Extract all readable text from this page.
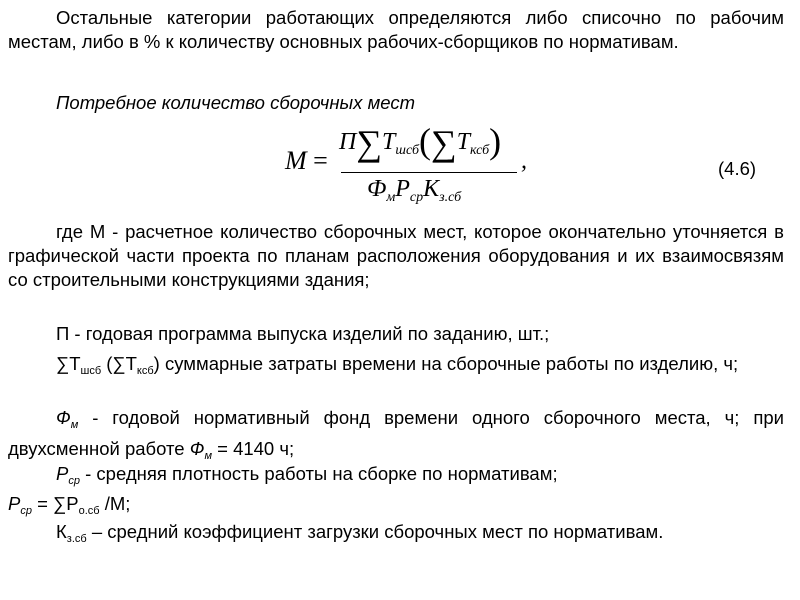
Остальные категории работающих определяются либо списочно по рабочим местам, либо в % к количеству основных рабочих-сборщиков по нормативам.
Потребное количество сборочных мест
M =
$П\sum T_{шсб}(\sum T_{ксб})$
$Ф_мP_{ср}K_{з.сб}$
,	(4.6)
где М - расчетное количество сборочных мест, которое окончательно уточняется в графической части проекта по планам расположения оборудования и их взаимосвязям со строительными конструкциями здания;
П - годовая программа выпуска изделий по заданию, шт.;
$\sum Т_{шсб}$ $(\sum Т_{ксб})$ суммарные затраты времени на сборочные работы по изделию, ч;
$Ф_м$ - годовой нормативный фонд времени одного сборочного места, ч; при двухсменной работе $Ф_м = 4140$ ч;
$Р_{ср}$ - средняя плотность работы на сборке по нормативам;
$Р_{ср} = \sum Р_{о.сб}$ /М;
$К_{з.сб}$ – средний коэффициент загрузки сборочных мест по нормативам.
